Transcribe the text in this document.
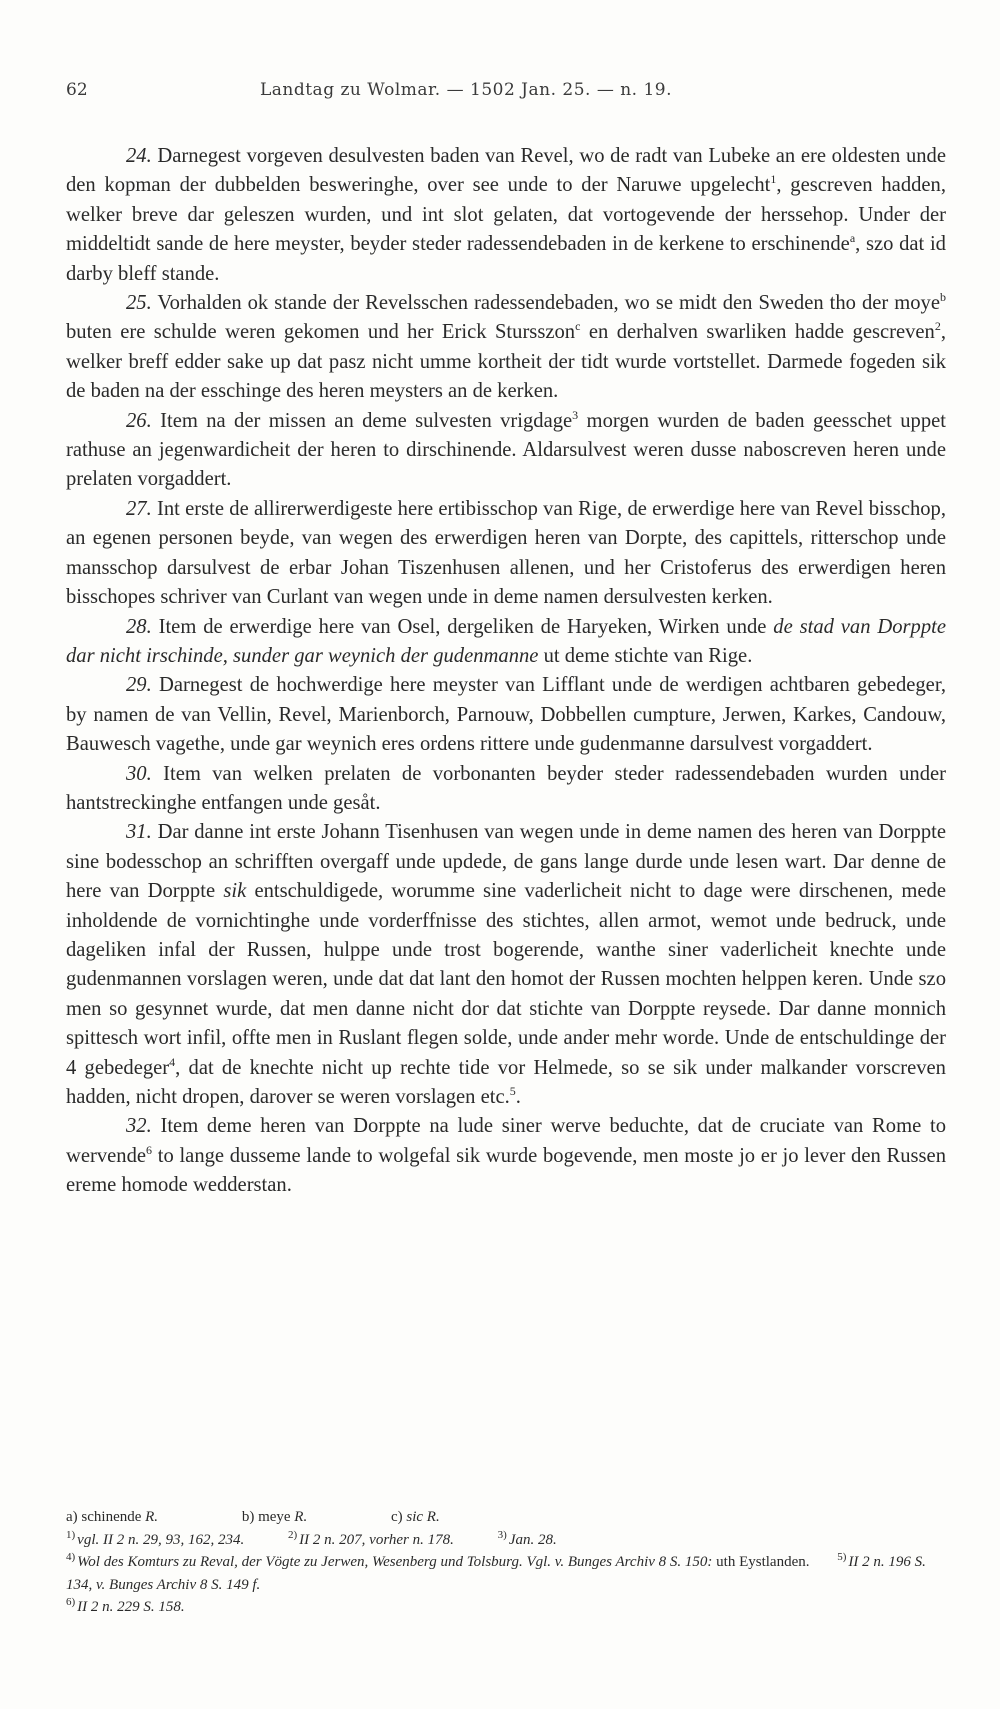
62	Landtag zu Wolmar. — 1502 Jan. 25. — n. 19.

24. Darnegest vorgeven desulvesten baden van Revel, wo de radt van Lubeke an ere oldesten unde den kopman der dubbelden besweringhe, over see unde to der Naruwe upgelecht$^1$, gescreven hadden, welker breve dar geleszen wurden, und int slot gelaten, dat vortogevende der herssehop. Under der middeltidt sande de here meyster, beyder steder radessendebaden in de kerkene to erschinende$^a$, szo dat id darby bleff stande.

25. Vorhalden ok stande der Revelsschen radessendebaden, wo se midt den Sweden tho der moye$^b$ buten ere schulde weren gekomen und her Erick Stursszon$^c$ en derhalven swarliken hadde gescreven$^2$, welker breff edder sake up dat pasz nicht umme kortheit der tidt wurde vortstellet. Darmede fogeden sik de baden na der esschinge des heren meysters an de kerken.

26. Item na der missen an deme sulvesten vrigdage$^3$ morgen wurden de baden geesschet uppet rathuse an jegenwardicheit der heren to dirschinende. Aldarsulvest weren dusse naboscreven heren unde prelaten vorgaddert.

27. Int erste de allirerwerdigeste here ertibisschop van Rige, de erwerdige here van Revel bisschop, an egenen personen beyde, van wegen des erwerdigen heren van Dorpte, des capittels, ritterschop unde mansschop darsulvest de erbar Johan Tiszenhusen allenen, und her Cristoferus des erwerdigen heren bisschopes schriver van Curlant van wegen unde in deme namen dersulvesten kerken.

28. Item de erwerdige here van Osel, dergeliken de Haryeken, Wirken unde de stad van Dorppte dar nicht irschinde, sunder gar weynich der gudenmanne ut deme stichte van Rige.

29. Darnegest de hochwerdige here meyster van Lifflant unde de werdigen achtbaren gebedeger, by namen de van Vellin, Revel, Marienborch, Parnouw, Dobbellen cumpture, Jerwen, Karkes, Candouw, Bauwesch vagethe, unde gar weynich eres ordens rittere unde gudenmanne darsulvest vorgaddert.

30. Item van welken prelaten de vorbonanten beyder steder radessendebaden wurden under hantstreckinghe entfangen unde gesåt.

31. Dar danne int erste Johann Tisenhusen van wegen unde in deme namen des heren van Dorppte sine bodesschop an schrifften overgaff unde updede, de gans lange durde unde lesen wart. Dar denne de here van Dorppte sik entschuldigede, worumme sine vaderlicheit nicht to dage were dirschenen, mede inholdende de vornichtinghe unde vorderffnisse des stichtes, allen armot, wemot unde bedruck, unde dageliken infal der Russen, hulppe unde trost bogerende, wanthe siner vaderlicheit knechte unde gudenmannen vorslagen weren, unde dat dat lant den homot der Russen mochten helppen keren. Unde szo men so gesynnet wurde, dat men danne nicht dor dat stichte van Dorppte reysede. Dar danne monnich spittesch wort infil, offte men in Ruslant flegen solde, unde ander mehr worde. Unde de entschuldinge der 4 gebedeger$^4$, dat de knechte nicht up rechte tide vor Helmede, so se sik under malkander vorscreven hadden, nicht dropen, darover se weren vorslagen etc.$^5$.

32. Item deme heren van Dorppte na lude siner werve beduchte, dat de cruciate van Rome to wervende$^6$ to lange dusseme lande to wolgefal sik wurde bogevende, men moste jo er jo lever den Russen ereme homode wedderstan.

a) schinende R.	b) meye R.	c) sic R.

$^{1)}$ vgl. II 2 n. 29, 93, 162, 234.	$^{2)}$ II 2 n. 207, vorher n. 178.	$^{3)}$ Jan. 28.

$^{4)}$ Wol des Komturs zu Reval, der Vögte zu Jerwen, Wesenberg und Tolsburg. Vgl. v. Bunges Archiv 8 S. 150: uth Eystlanden.	$^{5)}$ II 2 n. 196 S. 134, v. Bunges Archiv 8 S. 149 f.

$^{6)}$ II 2 n. 229 S. 158.
